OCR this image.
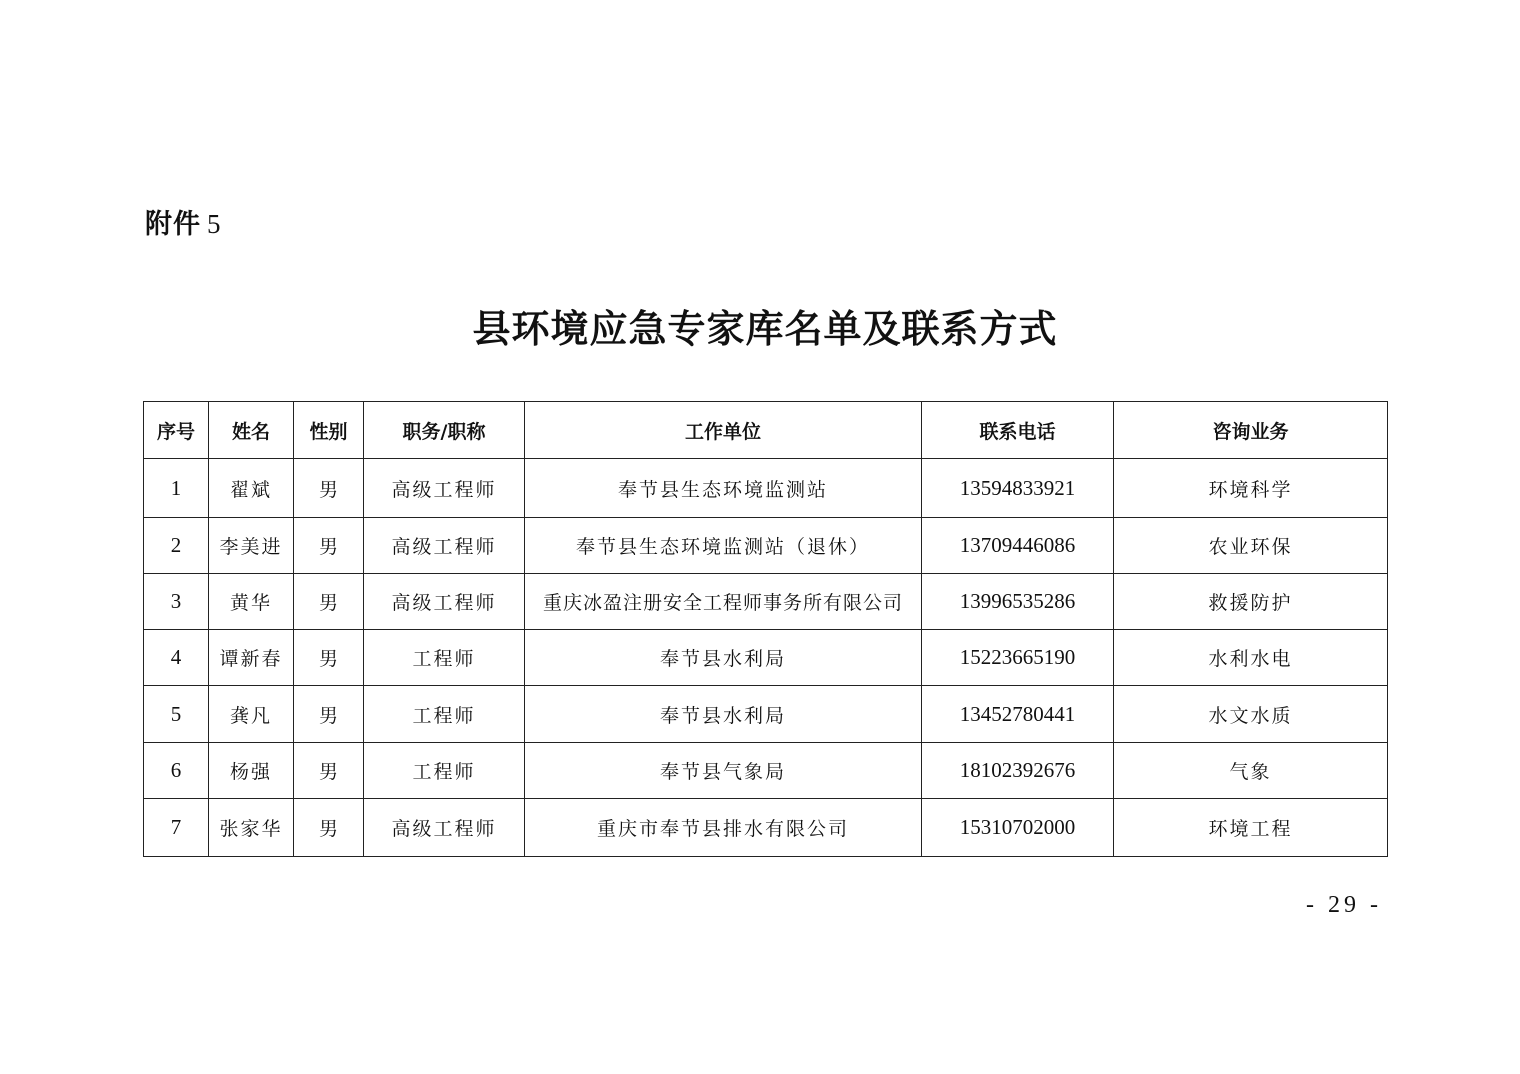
附件 5
县环境应急专家库名单及联系方式
序号	姓名	性别	职务/职称	工作单位	联系电话	咨询业务
1	翟斌	男	高级工程师	奉节县生态环境监测站	13594833921	环境科学
2	李美进	男	高级工程师	奉节县生态环境监测站（退休）	13709446086	农业环保
3	黄华	男	高级工程师	重庆冰盈注册安全工程师事务所有限公司	13996535286	救援防护
4	谭新春	男	工程师	奉节县水利局	15223665190	水利水电
5	龚凡	男	工程师	奉节县水利局	13452780441	水文水质
6	杨强	男	工程师	奉节县气象局	18102392676	气象
7	张家华	男	高级工程师	重庆市奉节县排水有限公司	15310702000	环境工程
- 29 -
